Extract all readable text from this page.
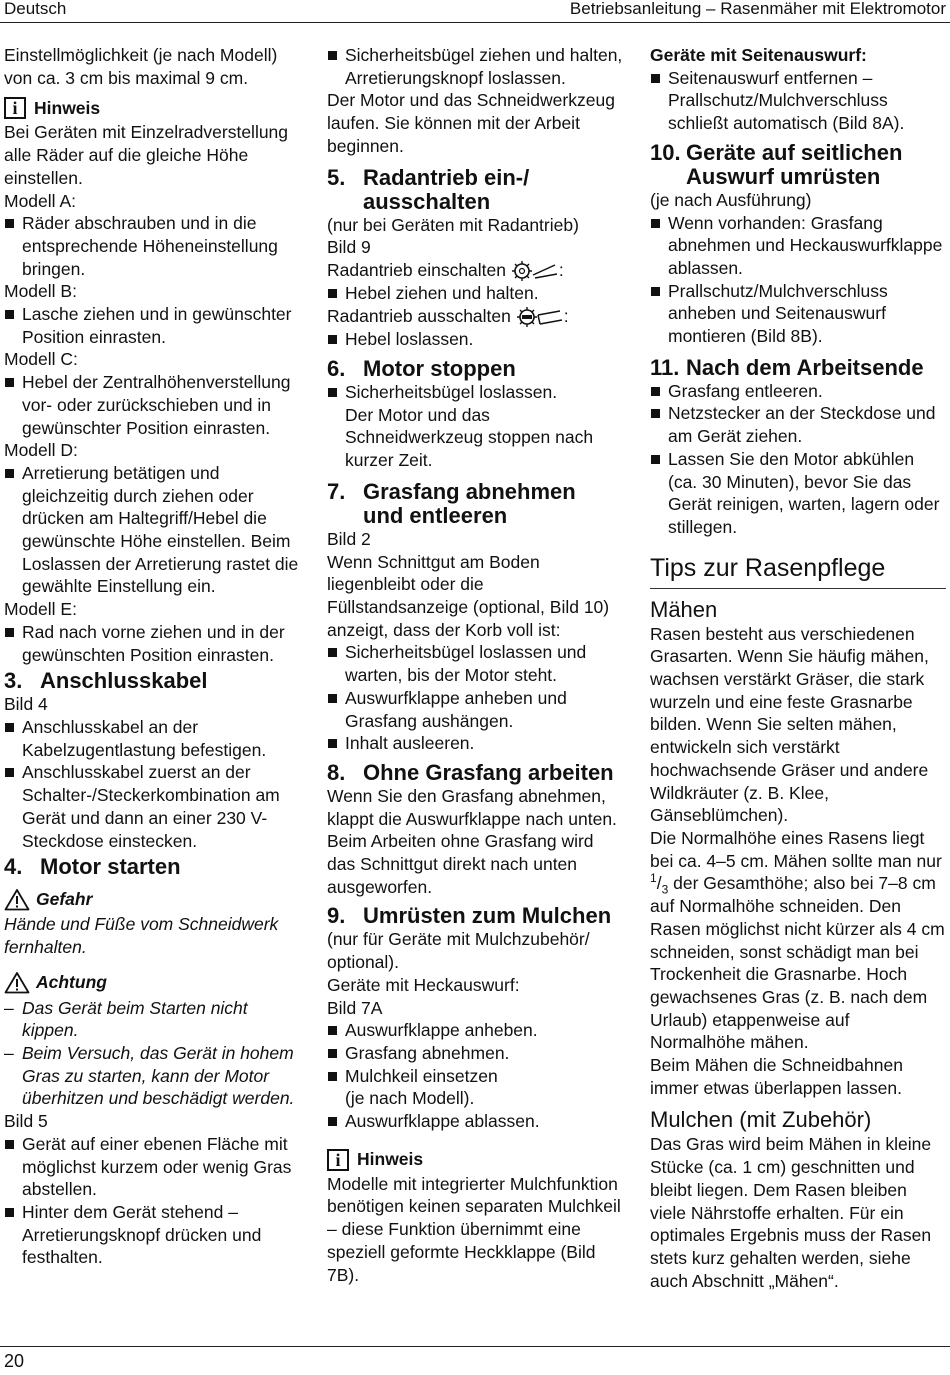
Deutsch	Betriebsanleitung – Rasenmäher mit Elektromotor

Einstellmöglichkeit (je nach Modell) von ca. 3 cm bis maximal 9 cm.

i Hinweis

Bei Geräten mit Einzelradverstellung alle Räder auf die gleiche Höhe einstellen.

Modell A:

Räder abschrauben und in die entsprechende Höheneinstellung bringen.

Modell B:

Lasche ziehen und in gewünschter Position einrasten.

Modell C:

Hebel der Zentralhöhenverstellung vor- oder zurückschieben und in gewünschter Position einrasten.

Modell D:

Arretierung betätigen und gleichzeitig durch ziehen oder drücken am Haltegriff/Hebel die gewünschte Höhe einstellen. Beim Loslassen der Arretierung rastet die gewählte Einstellung ein.

Modell E:

Rad nach vorne ziehen und in der gewünschten Position einrasten.

3. Anschlusskabel

Bild 4

Anschlusskabel an der Kabelzugentlastung befestigen.

Anschlusskabel zuerst an der Schalter-/Steckerkombination am Gerät und dann an einer 230 V-Steckdose einstecken.

4. Motor starten
Gefahr

Hände und Füße vom Schneidwerk fernhalten.

Achtung

– Das Gerät beim Starten nicht kippen.

– Beim Versuch, das Gerät in hohem Gras zu starten, kann der Motor überhitzen und beschädigt werden.

Bild 5

Gerät auf einer ebenen Fläche mit möglichst kurzem oder wenig Gras abstellen.

Hinter dem Gerät stehend – Arretierungsknopf drücken und festhalten.

Sicherheitsbügel ziehen und halten, Arretierungsknopf loslassen.

Der Motor und das Schneidwerkzeug laufen. Sie können mit der Arbeit beginnen.

5. Radantrieb ein-/
ausschalten

(nur bei Geräten mit Radantrieb)

Bild 9

Radantrieb einschalten	:

Hebel ziehen und halten.

Radantrieb ausschalten	:

Hebel loslassen.

6. Motor stoppen

Sicherheitsbügel loslassen.

Der Motor und das Schneidwerkzeug stoppen nach kurzer Zeit.

7. Grasfang abnehmen
und entleeren

Bild 2

Wenn Schnittgut am Boden liegenbleibt oder die Füllstandsanzeige (optional, Bild 10) anzeigt, dass der Korb voll ist:

Sicherheitsbügel loslassen und warten, bis der Motor steht.

Auswurfklappe anheben und Grasfang aushängen.

Inhalt ausleeren.

8. Ohne Grasfang arbeiten

Wenn Sie den Grasfang abnehmen, klappt die Auswurfklappe nach unten. Beim Arbeiten ohne Grasfang wird das Schnittgut direkt nach unten ausgeworfen.

9. Umrüsten zum Mulchen

(nur für Geräte mit Mulchzubehör/ optional).

Geräte mit Heckauswurf:

Bild 7A

Auswurfklappe anheben.

Grasfang abnehmen.

Mulchkeil einsetzen

(je nach Modell).

Auswurfklappe ablassen.

i Hinweis

Modelle mit integrierter Mulchfunktion benötigen keinen separaten Mulchkeil – diese Funktion übernimmt eine speziell geformte Heckklappe (Bild 7B).

Geräte mit Seitenauswurf:

Seitenauswurf entfernen – Prallschutz/Mulchverschluss schließt automatisch (Bild 8A).

10. Geräte auf seitlichen
Auswurf umrüsten

(je nach Ausführung)

Wenn vorhanden: Grasfang abnehmen und Heckauswurfklappe ablassen.

Prallschutz/Mulchverschluss anheben und Seitenauswurf montieren (Bild 8B).

11. Nach dem Arbeitsende

Grasfang entleeren.

Netzstecker an der Steckdose und am Gerät ziehen.

Lassen Sie den Motor abkühlen (ca. 30 Minuten), bevor Sie das Gerät reinigen, warten, lagern oder stillegen.

Tips zur Rasenpflege
Mähen

Rasen besteht aus verschiedenen Grasarten. Wenn Sie häufig mähen, wachsen verstärkt Gräser, die stark wurzeln und eine feste Grasnarbe bilden. Wenn Sie selten mähen, entwickeln sich verstärkt hochwachsende Gräser und andere Wildkräuter (z. B. Klee, Gänseblümchen).

Die Normalhöhe eines Rasens liegt bei ca. 4–5 cm. Mähen sollte man nur $^1/_3$ der Gesamthöhe; also bei 7–8 cm auf Normalhöhe schneiden. Den Rasen möglichst nicht kürzer als 4 cm schneiden, sonst schädigt man bei Trockenheit die Grasnarbe. Hoch gewachsenes Gras (z. B. nach dem Urlaub) etappenweise auf Normalhöhe mähen.

Beim Mähen die Schneidbahnen immer etwas überlappen lassen.

Mulchen (mit Zubehör)

Das Gras wird beim Mähen in kleine Stücke (ca. 1 cm) geschnitten und bleibt liegen. Dem Rasen bleiben viele Nährstoffe erhalten. Für ein optimales Ergebnis muss der Rasen stets kurz gehalten werden, siehe auch Abschnitt „Mähen“.

20
